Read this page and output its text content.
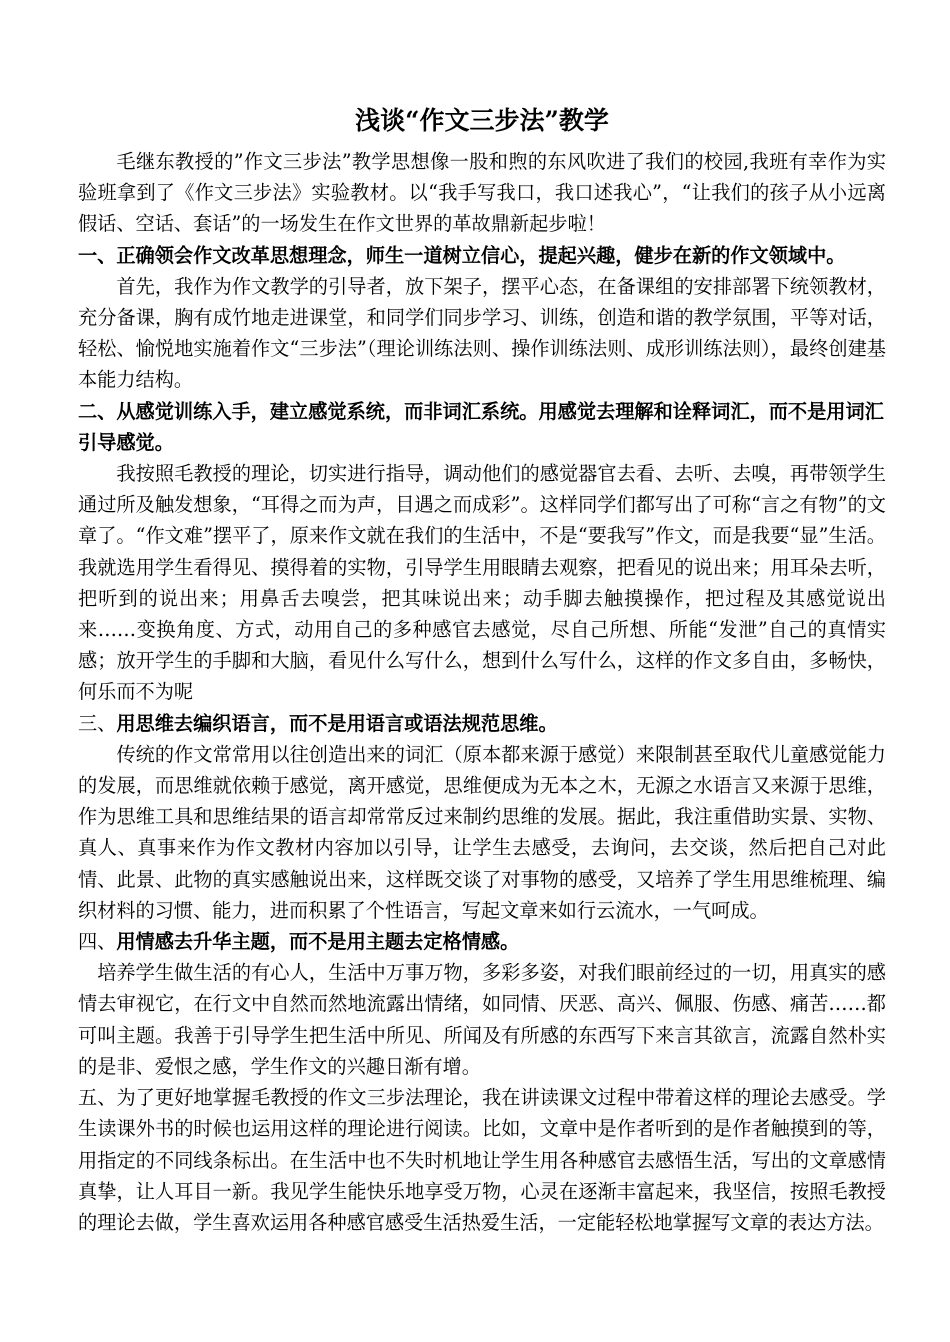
浅谈“作文三步法”教学

毛继东教授的”作文三步法”教学思想像一股和煦的东风吹进了我们的校园,我班有幸作为实验班拿到了《作文三步法》实验教材。以“我手写我口，我口述我心”，“让我们的孩子从小远离假话、空话、套话”的一场发生在作文世界的革故鼎新起步啦！

一、正确领会作文改革思想理念，师生一道树立信心，提起兴趣，健步在新的作文领域中。

首先，我作为作文教学的引导者，放下架子，摆平心态，在备课组的安排部署下统领教材，充分备课，胸有成竹地走进课堂，和同学们同步学习、训练，创造和谐的教学氛围，平等对话，轻松、愉悦地实施着作文“三步法”（理论训练法则、操作训练法则、成形训练法则），最终创建基本能力结构。

二、从感觉训练入手，建立感觉系统，而非词汇系统。用感觉去理解和诠释词汇，而不是用词汇引导感觉。

我按照毛教授的理论，切实进行指导，调动他们的感觉器官去看、去听、去嗅，再带领学生通过所及触发想象，“耳得之而为声，目遇之而成彩”。这样同学们都写出了可称“言之有物”的文章了。“作文难”摆平了，原来作文就在我们的生活中，不是“要我写”作文，而是我要“显”生活。我就选用学生看得见、摸得着的实物，引导学生用眼睛去观察，把看见的说出来；用耳朵去听，把听到的说出来；用鼻舌去嗅尝，把其味说出来；动手脚去触摸操作，把过程及其感觉说出来……变换角度、方式，动用自己的多种感官去感觉，尽自己所想、所能“发泄”自己的真情实感；放开学生的手脚和大脑，看见什么写什么，想到什么写什么，这样的作文多自由，多畅快，何乐而不为呢

三、用思维去编织语言，而不是用语言或语法规范思维。

传统的作文常常用以往创造出来的词汇（原本都来源于感觉）来限制甚至取代儿童感觉能力的发展，而思维就依赖于感觉，离开感觉，思维便成为无本之木，无源之水语言又来源于思维，作为思维工具和思维结果的语言却常常反过来制约思维的发展。据此，我注重借助实景、实物、真人、真事来作为作文教材内容加以引导，让学生去感受，去询问，去交谈，然后把自己对此情、此景、此物的真实感触说出来，这样既交谈了对事物的感受，又培养了学生用思维梳理、编织材料的习惯、能力，进而积累了个性语言，写起文章来如行云流水，一气呵成。

四、用情感去升华主题，而不是用主题去定格情感。

培养学生做生活的有心人，生活中万事万物，多彩多姿，对我们眼前经过的一切，用真实的感情去审视它，在行文中自然而然地流露出情绪，如同情、厌恶、高兴、佩服、伤感、痛苦……都可叫主题。我善于引导学生把生活中所见、所闻及有所感的东西写下来言其欲言，流露自然朴实的是非、爱恨之感，学生作文的兴趣日渐有增。

五、为了更好地掌握毛教授的作文三步法理论，我在讲读课文过程中带着这样的理论去感受。学生读课外书的时候也运用这样的理论进行阅读。比如，文章中是作者听到的是作者触摸到的等，用指定的不同线条标出。在生活中也不失时机地让学生用各种感官去感悟生活，写出的文章感情真挚，让人耳目一新。我见学生能快乐地享受万物，心灵在逐渐丰富起来，我坚信，按照毛教授的理论去做，学生喜欢运用各种感官感受生活热爱生活，一定能轻松地掌握写文章的表达方法。
